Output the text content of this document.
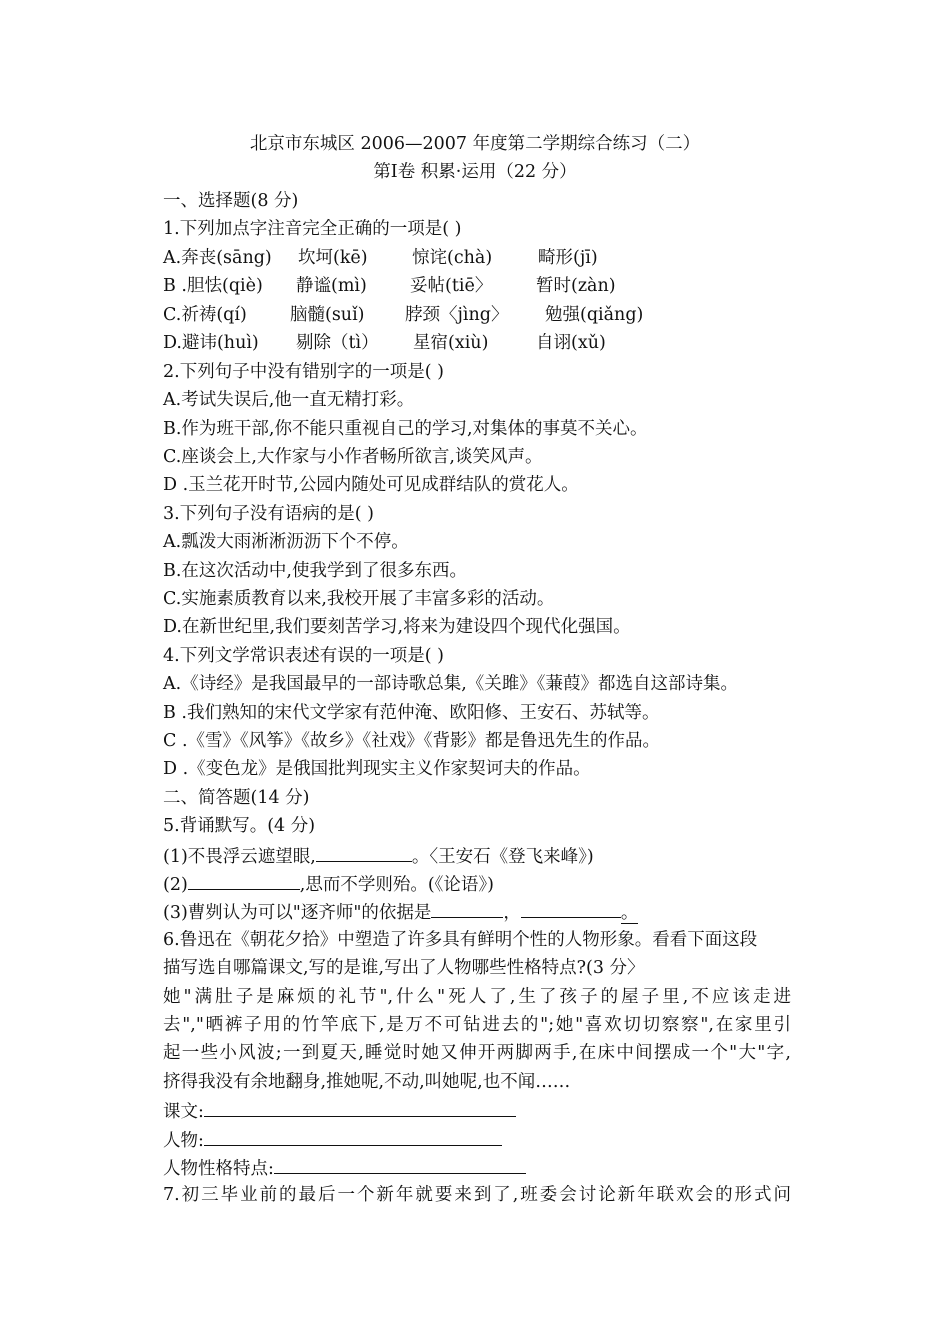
北京市东城区 2006—2007 年度第二学期综合练习（二）
第Ⅰ卷 积累·运用（22 分）
一、选择题(8 分)
1.下列加点字注音完全正确的一项是( )
A.奔丧(sāng) 坎坷(kē)	惊诧(chà)	畸形(jī)
B .胆怯(qiè) 静谧(mì) 妥帖(tiē〉 暂时(zàn)
C.祈祷(qí) 脑髓(suǐ) 脖颈〈jìng〉 勉强(qiǎng)
D.避讳(huì) 剔除（tì） 星宿(xiù)	自诩(xǔ)
2.下列句子中没有错别字的一项是( )
A.考试失误后,他一直无精打彩。
B.作为班干部,你不能只重视自己的学习,对集体的事莫不关心。
C.座谈会上,大作家与小作者畅所欲言,谈笑风声。
D .玉兰花开时节,公园内随处可见成群结队的赏花人。
3.下列句子没有语病的是( )
A.瓢泼大雨淅淅沥沥下个不停。
B.在这次活动中,使我学到了很多东西。
C.实施素质教育以来,我校开展了丰富多彩的活动。
D.在新世纪里,我们要刻苦学习,将来为建设四个现代化强国。
4.下列文学常识表述有误的一项是( )
A.《诗经》是我国最早的一部诗歌总集,《关雎》《蒹葭》都选自这部诗集。
B .我们熟知的宋代文学家有范仲淹、欧阳修、王安石、苏轼等。
C .《雪》《风筝》《故乡》《社戏》《背影》都是鲁迅先生的作品。
D .《变色龙》是俄国批判现实主义作家契诃夫的作品。
二、简答题(14 分)
5.背诵默写。(4 分)
(1)不畏浮云遮望眼,	。〈王安石《登飞来峰》)
(2)	,思而不学则殆。(《论语》)
(3)曹刿认为可以"逐齐师"的依据是	，	。
6.鲁迅在《朝花夕拾》中塑造了许多具有鲜明个性的人物形象。看看下面这段
描写选自哪篇课文,写的是谁,写出了人物哪些性格特点?(3 分〉
她"满肚子是麻烦的礼节",什么"死人了,生了孩子的屋子里,不应该走进
去","晒裤子用的竹竿底下,是万不可钻进去的";她"喜欢切切察察",在家里引
起一些小风波;一到夏天,睡觉时她又伸开两脚两手,在床中间摆成一个"大"字,
挤得我没有余地翻身,推她呢,不动,叫她呢,也不闻……
课文:
人物:
人物性格特点:
7.初三毕业前的最后一个新年就要来到了,班委会讨论新年联欢会的形式问
